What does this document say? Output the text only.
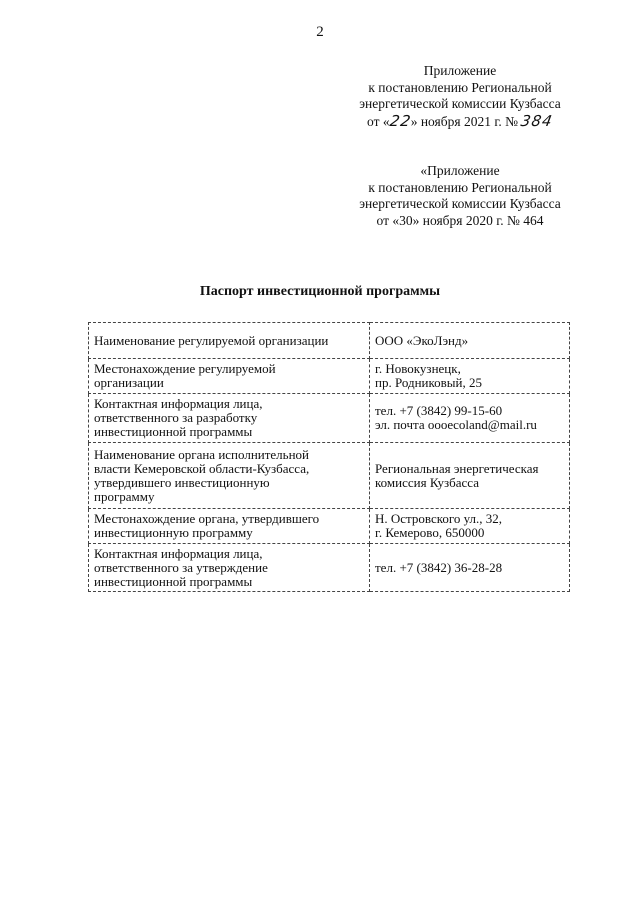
2
Приложение
к постановлению Региональной
энергетической комиссии Кузбасса
от «22» ноября 2021 г. № 384
«Приложение
к постановлению Региональной
энергетической комиссии Кузбасса
от «30» ноября 2020 г. № 464
Паспорт инвестиционной программы
Наименование регулируемой организации	ООО «ЭкоЛэнд»

Местонахождение регулируемой
организации	г. Новокузнецк,
пр. Родниковый, 25

Контактная информация лица,
ответственного за разработку
инвестиционной программы	тел. +7 (3842) 99-15-60
эл. почта oooecoland@mail.ru

Наименование органа исполнительной
власти Кемеровской области-Кузбасса,
утвердившего инвестиционную
программу	Региональная энергетическая
комиссия Кузбасса

Местонахождение органа, утвердившего
инвестиционную программу	Н. Островского ул., 32,
г. Кемерово, 650000

Контактная информация лица,
ответственного за утверждение
инвестиционной программы	тел. +7 (3842) 36-28-28
